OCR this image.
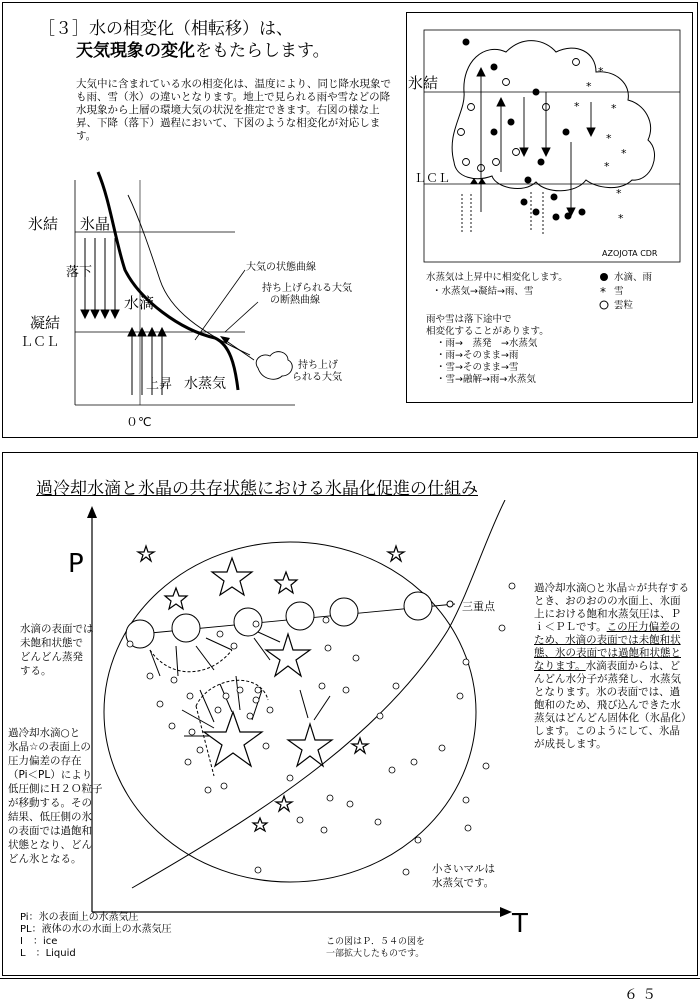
［３］水の相変化（相転移）は、
天気現象の変化をもたらします。
大気中に含まれている水の相変化は、温度により、同じ降水現象でも雨、雪（氷）の違いとなります。地上で見られる雨や雪などの降水現象から上層の環境大気の状況を推定できます。右図の様な上昇、下降（落下）過程において、下図のような相変化が対応します。
氷結 氷晶
落下
水滴
凝結
ＬＣＬ
上昇 水蒸気
０℃
大気の状態曲線
持ち上げられる大気
の断熱曲線
持ち上げ
られる大気
*
*
*
*
*
*
*
*
*
氷結
ＬＣＬ
AZOJOTA CDR
水蒸気は上昇中に相変化します。
・水蒸気→凝結→雨、雪
水滴、雨
* 雪
雲粒
雨や雪は落下途中で
相変化することがあります。
・雨→　蒸発　→水蒸気
・雨→そのまま→雨
・雪→そのまま→雪
・雪→融解→雨→水蒸気
過冷却水滴と氷晶の共存状態における氷晶化促進の仕組み
P
T
三重点
水滴の表面では
未飽和状態で
どんどん蒸発
する。
過冷却水滴○と
氷晶☆の表面上の
圧力偏差の存在
（Pi＜PL）により
低圧側にＨ２Ｏ粒子
が移動する。その
結果、低圧側の氷
の表面では過飽和
状態となり、どん
どん氷となる。
小さいマルは
水蒸気です。
Pi：氷の表面上の水蒸気圧
PL：液体の水の水面上の水蒸気圧
I　：ice
L　：Liquid
この図はＰ．５４の図を
一部拡大したものです。
過冷却水滴○と氷晶☆が共存するとき、おのおのの水面上、氷面上における飽和水蒸気圧は、Ｐｉ＜ＰＬです。この圧力偏差のため、水滴の表面では未飽和状態、氷の表面では過飽和状態となります。水滴表面からは、どんどん水分子が蒸発し、水蒸気となります。氷の表面では、過飽和のため、飛び込んできた水蒸気はどんどん固体化（氷晶化）します。このようにして、氷晶が成長します。
６５
